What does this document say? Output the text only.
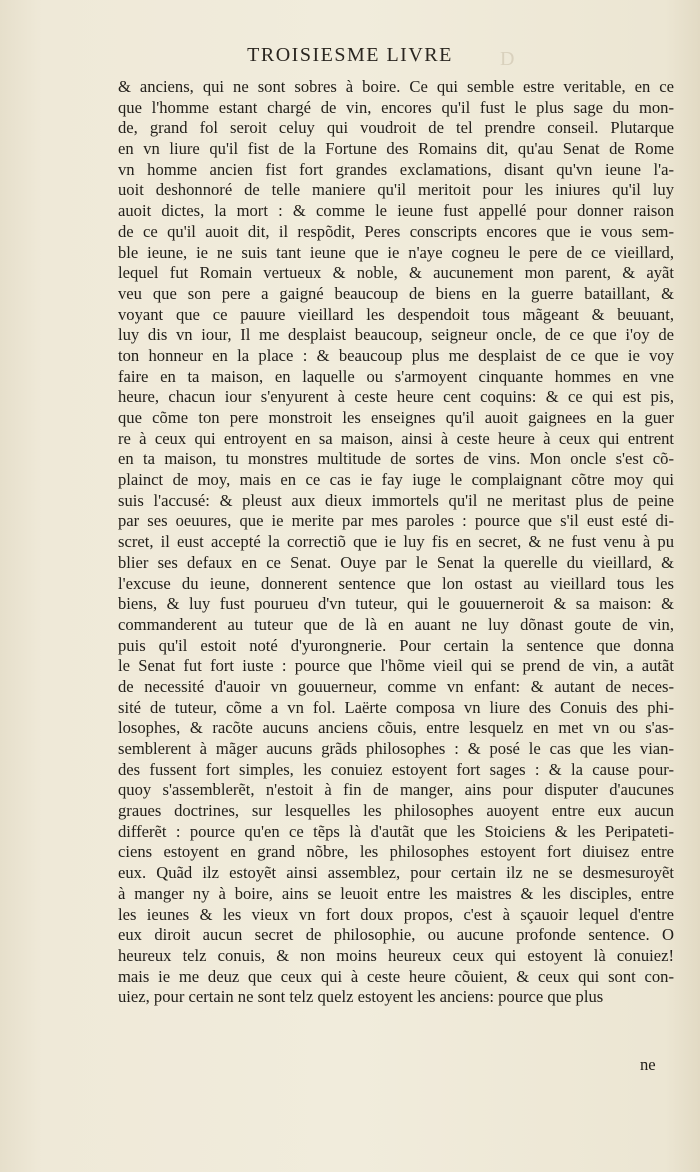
D
TROISIESME LIVRE
& anciens, qui ne sont sobres à boire. Ce qui semble estre veritable, en ce
que l'homme estant chargé de vin, encores qu'il fust le plus sage du mon-
de, grand fol seroit celuy qui voudroit de tel prendre conseil. Plutarque
en vn liure qu'il fist de la Fortune des Romains dit, qu'au Senat de Rome
vn homme ancien fist fort grandes exclamations, disant qu'vn ieune l'a-
uoit deshonnoré de telle maniere qu'il meritoit pour les iniures qu'il luy
auoit dictes, la mort : & comme le ieune fust appellé pour donner raison
de ce qu'il auoit dit, il respõdit, Peres conscripts encores que ie vous sem-
ble ieune, ie ne suis tant ieune que ie n'aye cogneu le pere de ce vieillard,
lequel fut Romain vertueux & noble, & aucunement mon parent, & ayãt
veu que son pere a gaigné beaucoup de biens en la guerre bataillant, &
voyant que ce pauure vieillard les despendoit tous mãgeant & beuuant,
luy dis vn iour, Il me desplaist beaucoup, seigneur oncle, de ce que i'oy de
ton honneur en la place : & beaucoup plus me desplaist de ce que ie voy
faire en ta maison, en laquelle ou s'armoyent cinquante hommes en vne
heure, chacun iour s'enyurent à ceste heure cent coquins: & ce qui est pis,
que cõme ton pere monstroit les enseignes qu'il auoit gaignees en la guer
re à ceux qui entroyent en sa maison, ainsi à ceste heure à ceux qui entrent
en ta maison, tu monstres multitude de sortes de vins. Mon oncle s'est cõ-
plainct de moy, mais en ce cas ie fay iuge le complaignant cõtre moy qui
suis l'accusé: & pleust aux dieux immortels qu'il ne meritast plus de peine
par ses oeuures, que ie merite par mes paroles : pource que s'il eust esté di-
scret, il eust accepté la correctiõ que ie luy fis en secret, & ne fust venu à pu
blier ses defaux en ce Senat. Ouye par le Senat la querelle du vieillard, &
l'excuse du ieune, donnerent sentence que lon ostast au vieillard tous les
biens, & luy fust pourueu d'vn tuteur, qui le gouuerneroit & sa maison: &
commanderent au tuteur que de là en auant ne luy dõnast goute de vin,
puis qu'il estoit noté d'yurongnerie. Pour certain la sentence que donna
le Senat fut fort iuste : pource que l'hõme vieil qui se prend de vin, a autãt
de necessité d'auoir vn gouuerneur, comme vn enfant: & autant de neces-
sité de tuteur, cõme a vn fol. Laërte composa vn liure des Conuis des phi-
losophes, & racõte aucuns anciens cõuis, entre lesquelz en met vn ou s'as-
semblerent à mãger aucuns grãds philosophes : & posé le cas que les vian-
des fussent fort simples, les conuiez estoyent fort sages : & la cause pour-
quoy s'assemblerẽt, n'estoit à fin de manger, ains pour disputer d'aucunes
graues doctrines, sur lesquelles les philosophes auoyent entre eux aucun
differẽt : pource qu'en ce tẽps là d'autãt que les Stoiciens & les Peripateti-
ciens estoyent en grand nõbre, les philosophes estoyent fort diuisez entre
eux. Quãd ilz estoyẽt ainsi assemblez, pour certain ilz ne se desmesuroyẽt
à manger ny à boire, ains se leuoit entre les maistres & les disciples, entre
les ieunes & les vieux vn fort doux propos, c'est à sçauoir lequel d'entre
eux diroit aucun secret de philosophie, ou aucune profonde sentence. O
heureux telz conuis, & non moins heureux ceux qui estoyent là conuiez!
mais ie me deuz que ceux qui à ceste heure cõuient, & ceux qui sont con-
uiez, pour certain ne sont telz quelz estoyent les anciens: pource que plus
ne
